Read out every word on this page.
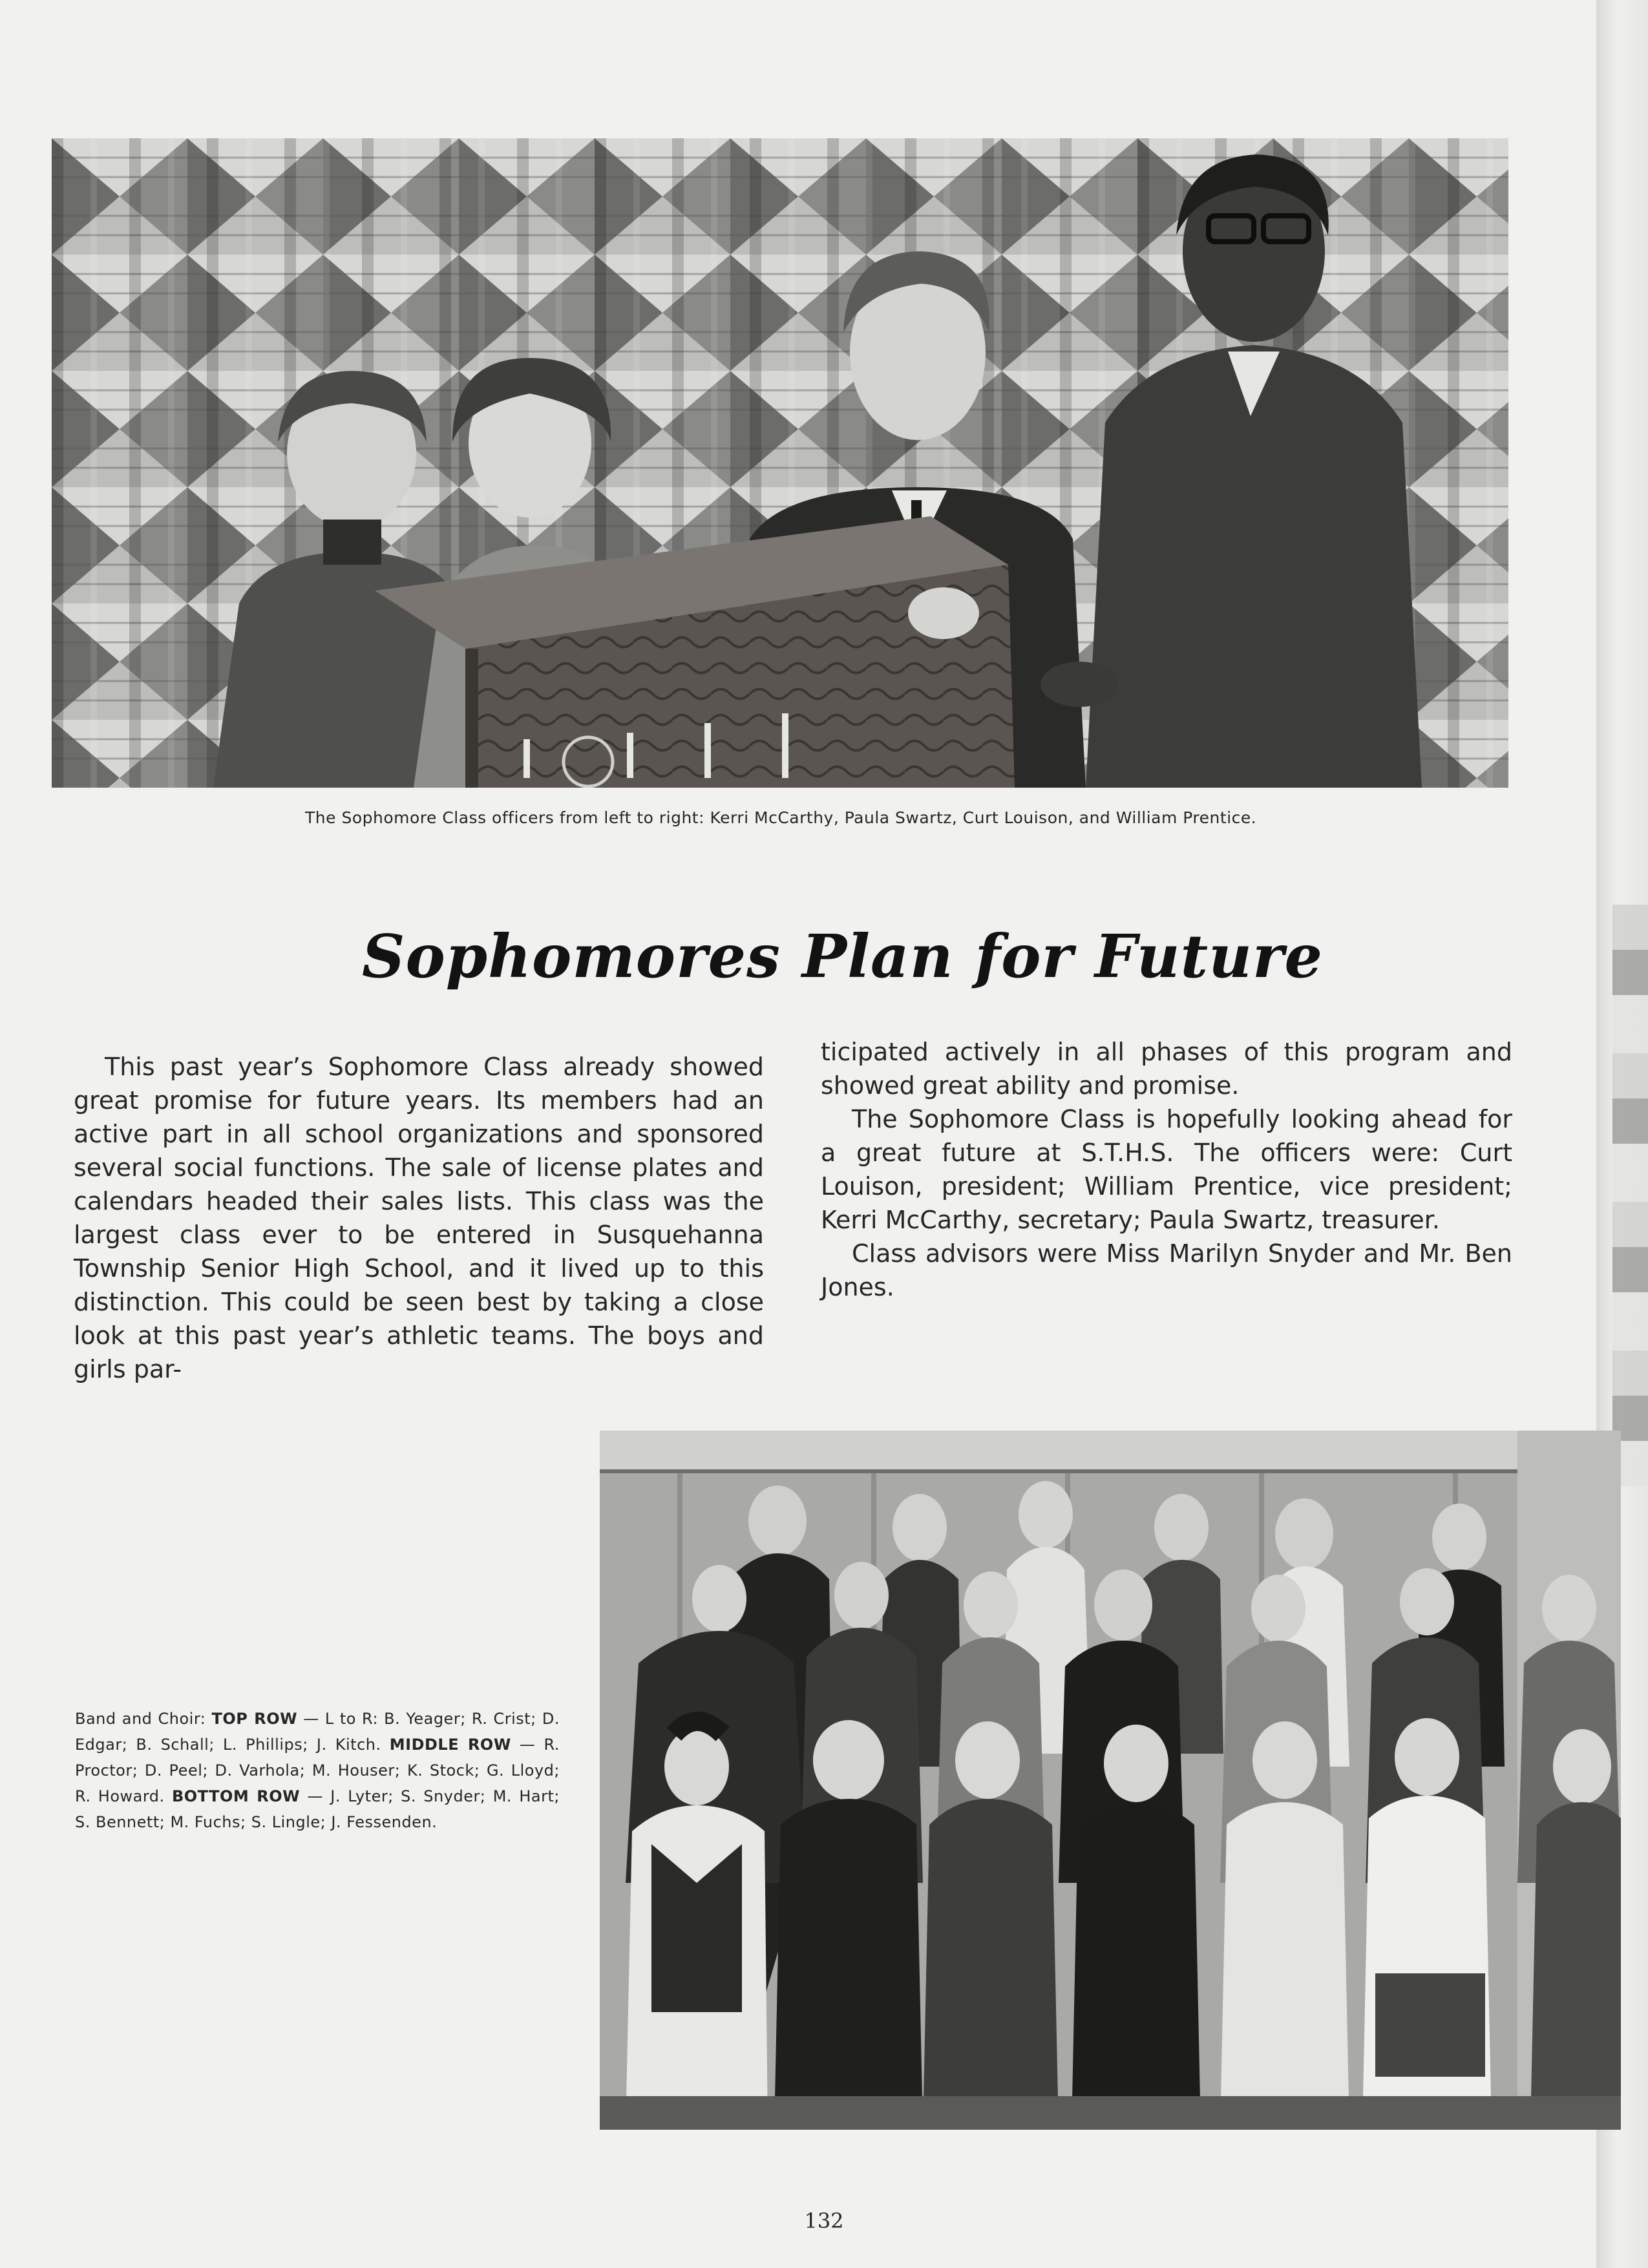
The Sophomore Class officers from left to right: Kerri McCarthy, Paula Swartz, Curt Louison, and William Prentice.
Sophomores Plan for Future

This past year’s Sophomore Class already showed great promise for future years. Its members had an active part in all school organizations and sponsored several social functions. The sale of license plates and calendars headed their sales lists. This class was the largest class ever to be entered in Susquehanna Township Senior High School, and it lived up to this distinction. This could be seen best by taking a close look at this past year’s athletic teams. The boys and girls par-

ticipated actively in all phases of this program and showed great ability and promise.

The Sophomore Class is hopefully looking ahead for a great future at S.T.H.S. The officers were: Curt Louison, president; William Prentice, vice president; Kerri McCarthy, secretary; Paula Swartz, treasurer.

Class advisors were Miss Marilyn Snyder and Mr. Ben Jones.

Band and Choir: TOP ROW — L to R: B. Yeager; R. Crist; D. Edgar; B. Schall; L. Phillips; J. Kitch. MIDDLE ROW — R. Proctor; D. Peel; D. Varhola; M. Houser; K. Stock; G. Lloyd; R. Howard. BOTTOM ROW — J. Lyter; S. Snyder; M. Hart; S. Bennett; M. Fuchs; S. Lingle; J. Fessenden.
132
